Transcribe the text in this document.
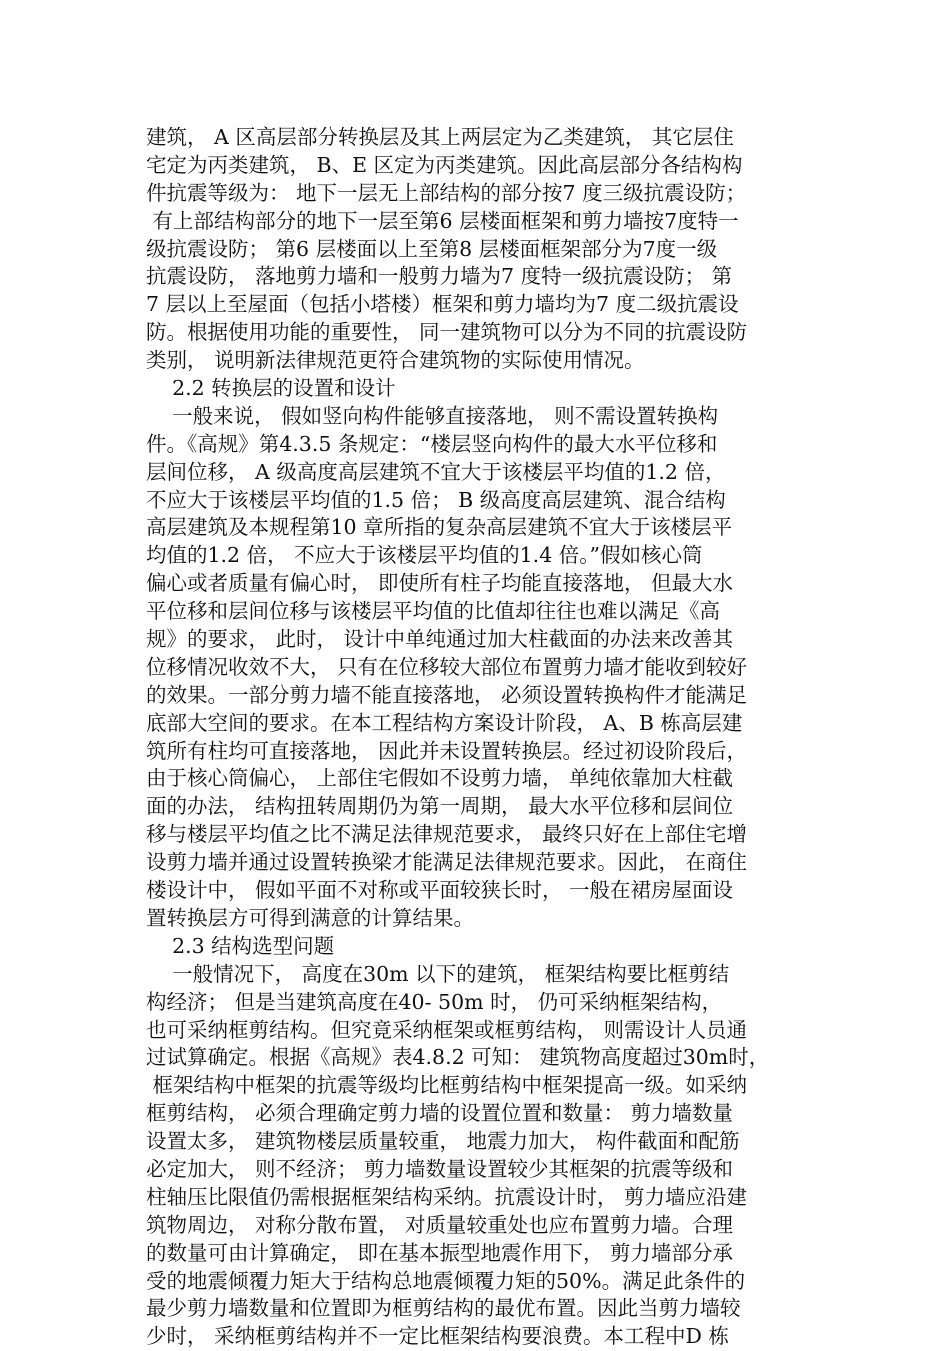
建筑， A 区高层部分转换层及其上两层定为乙类建筑， 其它层住
宅定为丙类建筑， B、E 区定为丙类建筑。因此高层部分各结构构
件抗震等级为： 地下一层无上部结构的部分按7 度三级抗震设防；
有上部结构部分的地下一层至第6 层楼面框架和剪力墙按7度特一
级抗震设防； 第6 层楼面以上至第8 层楼面框架部分为7度一级
抗震设防， 落地剪力墙和一般剪力墙为7 度特一级抗震设防； 第
7 层以上至屋面（包括小塔楼）框架和剪力墙均为7 度二级抗震设
防。根据使用功能的重要性， 同一建筑物可以分为不同的抗震设防
类别， 说明新法律规范更符合建筑物的实际使用情况。
2.2 转换层的设置和设计
一般来说， 假如竖向构件能够直接落地， 则不需设置转换构
件。《高规》第4.3.5 条规定：“楼层竖向构件的最大水平位移和
层间位移， A 级高度高层建筑不宜大于该楼层平均值的1.2 倍，
不应大于该楼层平均值的1.5 倍； B 级高度高层建筑、混合结构
高层建筑及本规程第10 章所指的复杂高层建筑不宜大于该楼层平
均值的1.2 倍， 不应大于该楼层平均值的1.4 倍。”假如核心筒
偏心或者质量有偏心时， 即使所有柱子均能直接落地， 但最大水
平位移和层间位移与该楼层平均值的比值却往往也难以满足《高
规》的要求， 此时， 设计中单纯通过加大柱截面的办法来改善其
位移情况收效不大， 只有在位移较大部位布置剪力墙才能收到较好
的效果。一部分剪力墙不能直接落地， 必须设置转换构件才能满足
底部大空间的要求。在本工程结构方案设计阶段， A、B 栋高层建
筑所有柱均可直接落地， 因此并未设置转换层。经过初设阶段后，
由于核心筒偏心， 上部住宅假如不设剪力墙， 单纯依靠加大柱截
面的办法， 结构扭转周期仍为第一周期， 最大水平位移和层间位
移与楼层平均值之比不满足法律规范要求， 最终只好在上部住宅增
设剪力墙并通过设置转换梁才能满足法律规范要求。因此， 在商住
楼设计中， 假如平面不对称或平面较狭长时， 一般在裙房屋面设
置转换层方可得到满意的计算结果。
2.3 结构选型问题
一般情况下， 高度在30m 以下的建筑， 框架结构要比框剪结
构经济； 但是当建筑高度在40- 50m 时， 仍可采纳框架结构，
也可采纳框剪结构。但究竟采纳框架或框剪结构， 则需设计人员通
过试算确定。根据《高规》表4.8.2 可知： 建筑物高度超过30m时，
框架结构中框架的抗震等级均比框剪结构中框架提高一级。如采纳
框剪结构， 必须合理确定剪力墙的设置位置和数量： 剪力墙数量
设置太多， 建筑物楼层质量较重， 地震力加大， 构件截面和配筋
必定加大， 则不经济； 剪力墙数量设置较少其框架的抗震等级和
柱轴压比限值仍需根据框架结构采纳。抗震设计时， 剪力墙应沿建
筑物周边， 对称分散布置， 对质量较重处也应布置剪力墙。合理
的数量可由计算确定， 即在基本振型地震作用下， 剪力墙部分承
受的地震倾覆力矩大于结构总地震倾覆力矩的50%。满足此条件的
最少剪力墙数量和位置即为框剪结构的最优布置。因此当剪力墙较
少时， 采纳框剪结构并不一定比框架结构要浪费。本工程中D 栋
